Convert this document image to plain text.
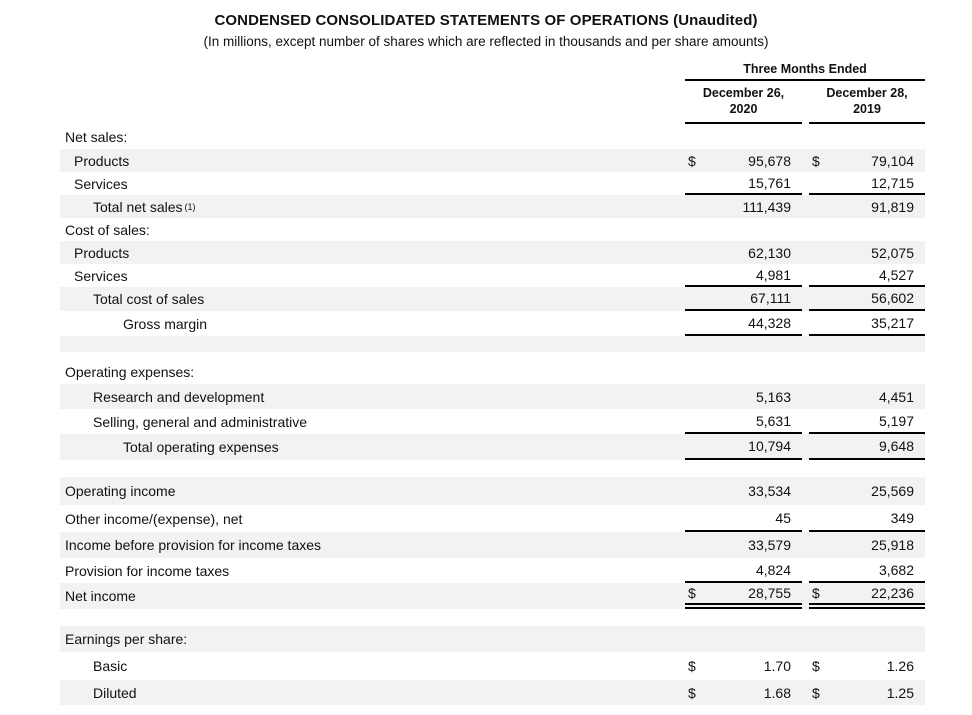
CONDENSED CONSOLIDATED STATEMENTS OF OPERATIONS (Unaudited)
(In millions, except number of shares which are reflected in thousands and per share amounts)
Three Months Ended
December 26,
2020
December 28,
2019
Net sales:
Products	$	95,678	$	79,104
Services	15,761	12,715
Total net sales (1)	111,439	91,819
Cost of sales:
Products	62,130	52,075
Services	4,981	4,527
Total cost of sales	67,111	56,602
Gross margin	44,328	35,217
Operating expenses:
Research and development	5,163	4,451
Selling, general and administrative	5,631	5,197
Total operating expenses	10,794	9,648
Operating income	33,534	25,569
Other income/(expense), net	45	349
Income before provision for income taxes	33,579	25,918
Provision for income taxes	4,824	3,682
Net income	$	28,755	$	22,236
Earnings per share:
Basic	$	1.70	$	1.26
Diluted	$	1.68	$	1.25
